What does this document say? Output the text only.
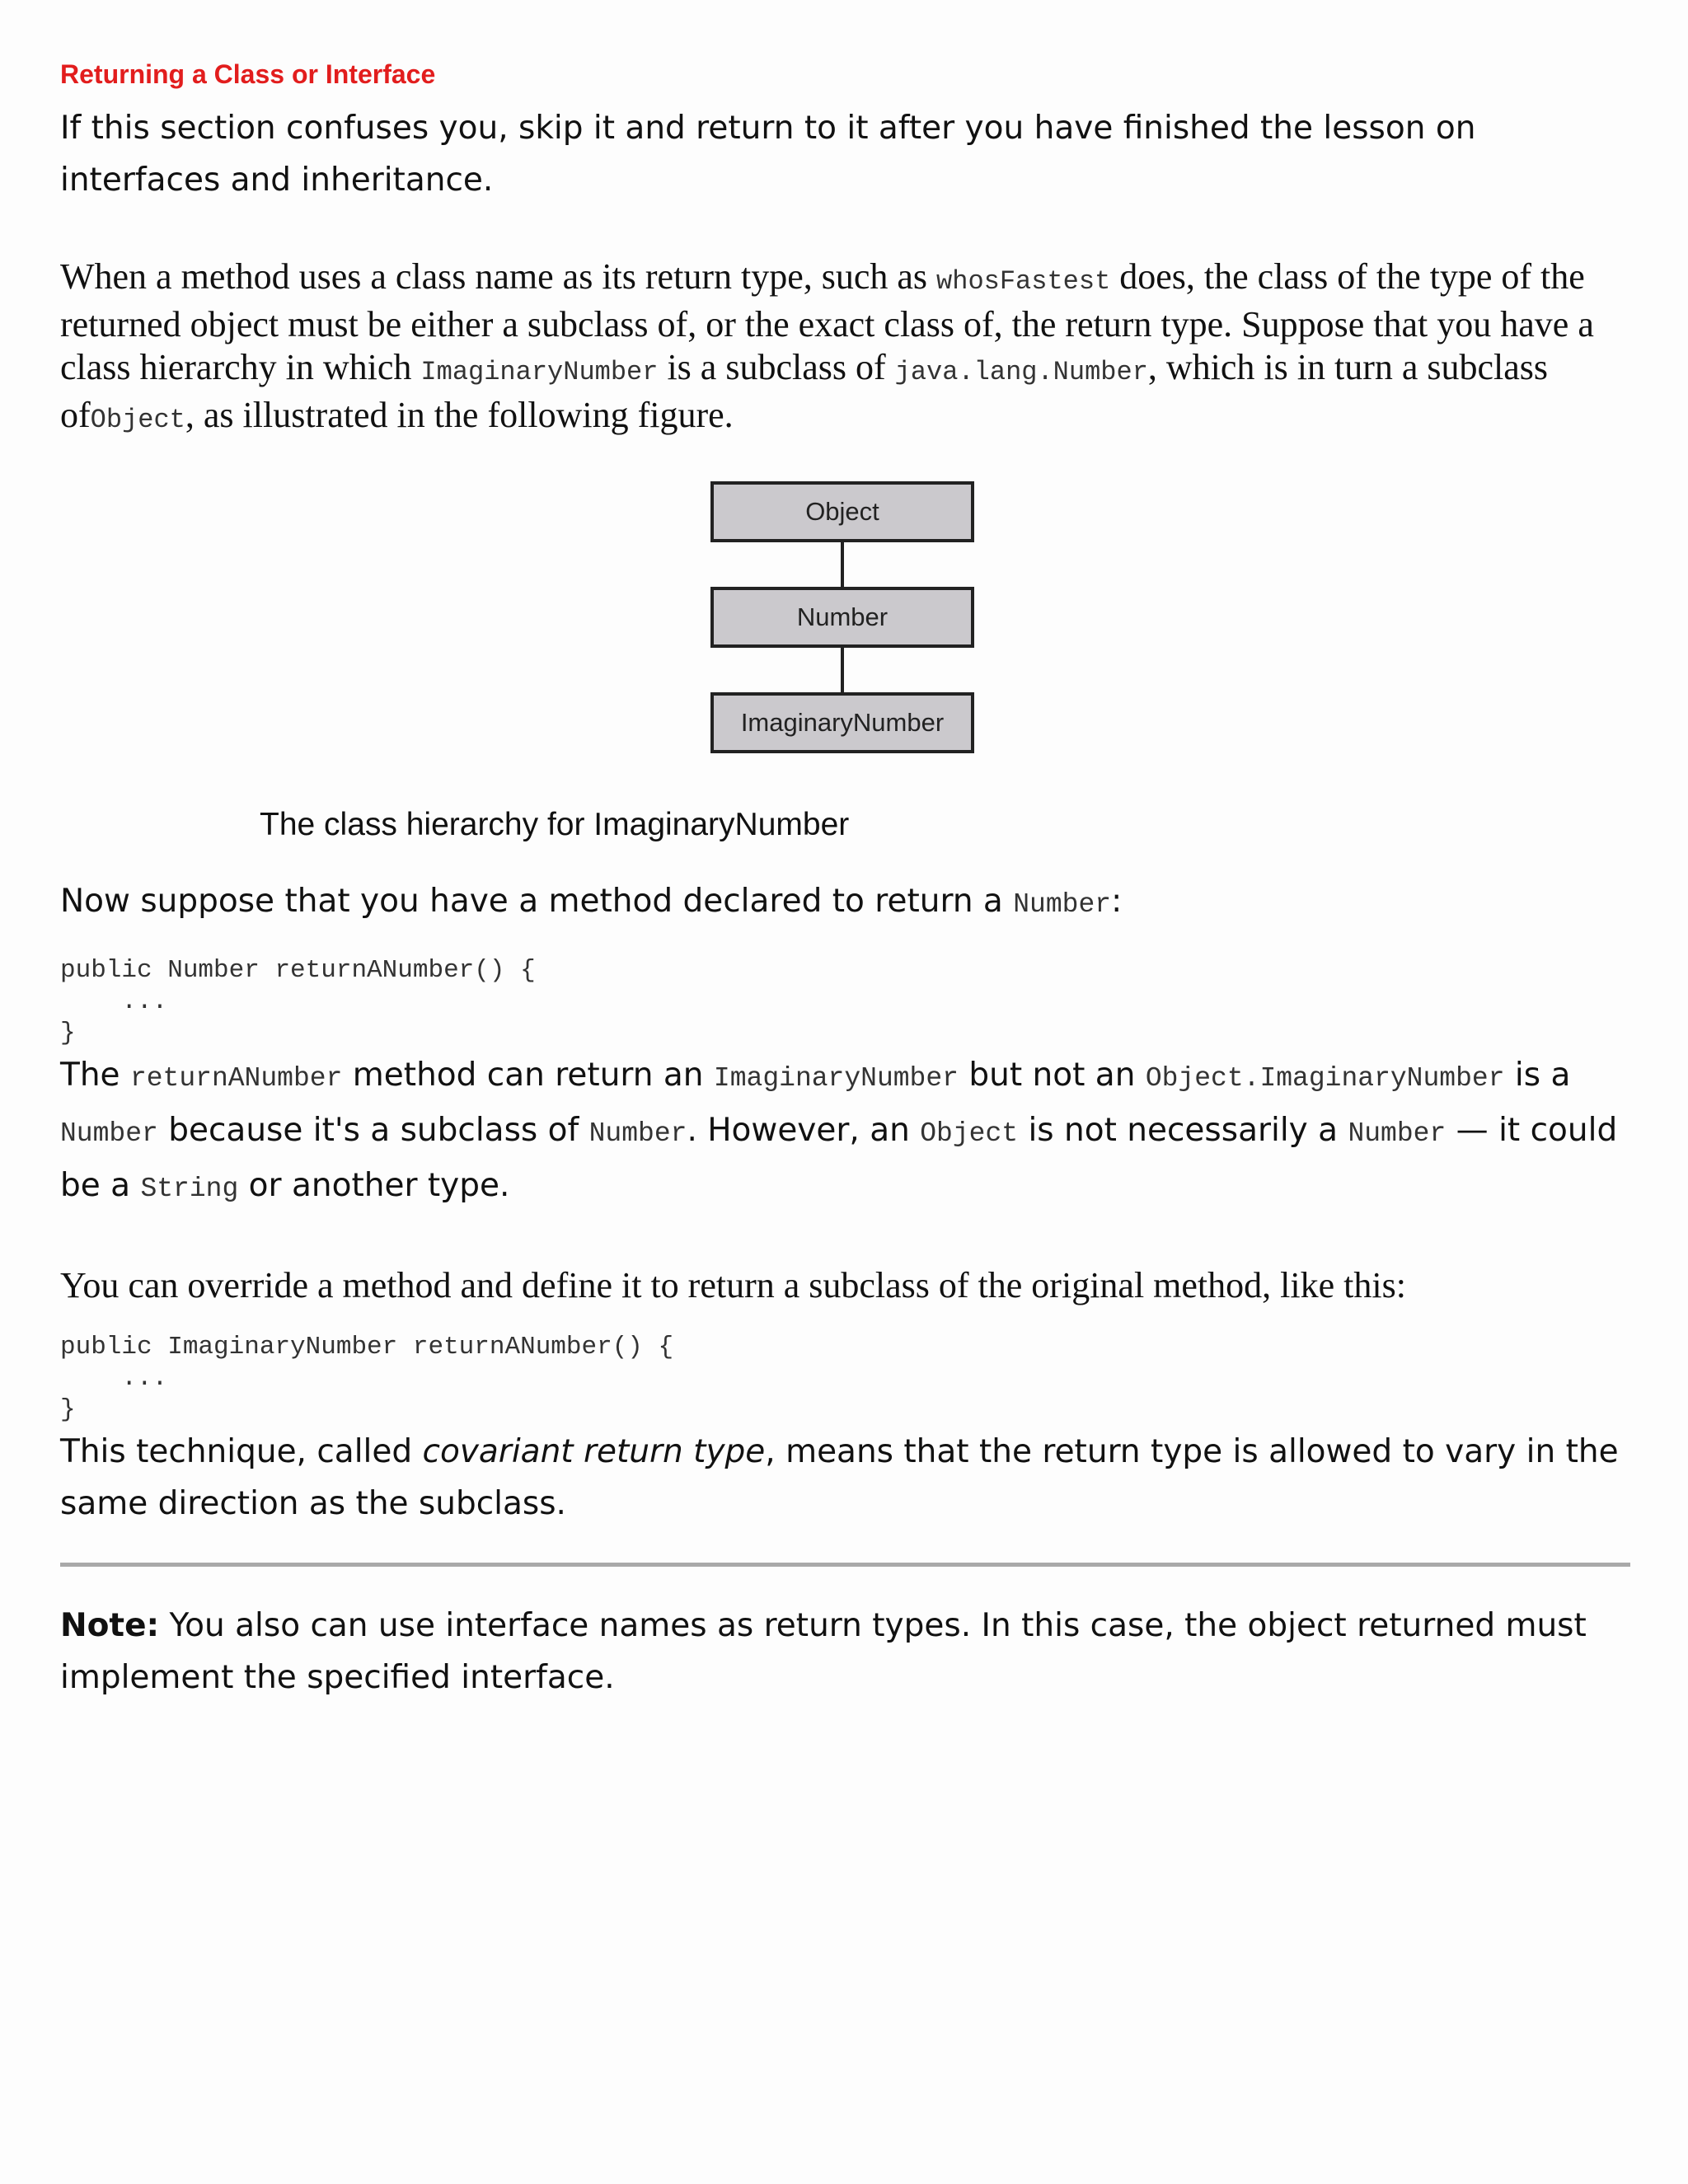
Returning a Class or Interface

If this section confuses you, skip it and return to it after you have finished the lesson on interfaces and inheritance.

When a method uses a class name as its return type, such as whosFastest does, the class of the type of the returned object must be either a subclass of, or the exact class of, the return type. Suppose that you have a class hierarchy in which ImaginaryNumber is a subclass of java.lang.Number, which is in turn a subclass ofObject, as illustrated in the following figure.

Object
Number
ImaginaryNumber

The class hierarchy for ImaginaryNumber

Now suppose that you have a method declared to return a Number:

public Number returnANumber() {
...
}

The returnANumber method can return an ImaginaryNumber but not an Object.ImaginaryNumber is a Number because it's a subclass of Number. However, an Object is not necessarily a Number — it could be a String or another type.

You can override a method and define it to return a subclass of the original method, like this:

public ImaginaryNumber returnANumber() {
...
}

This technique, called covariant return type, means that the return type is allowed to vary in the same direction as the subclass.

Note: You also can use interface names as return types. In this case, the object returned must implement the specified interface.
